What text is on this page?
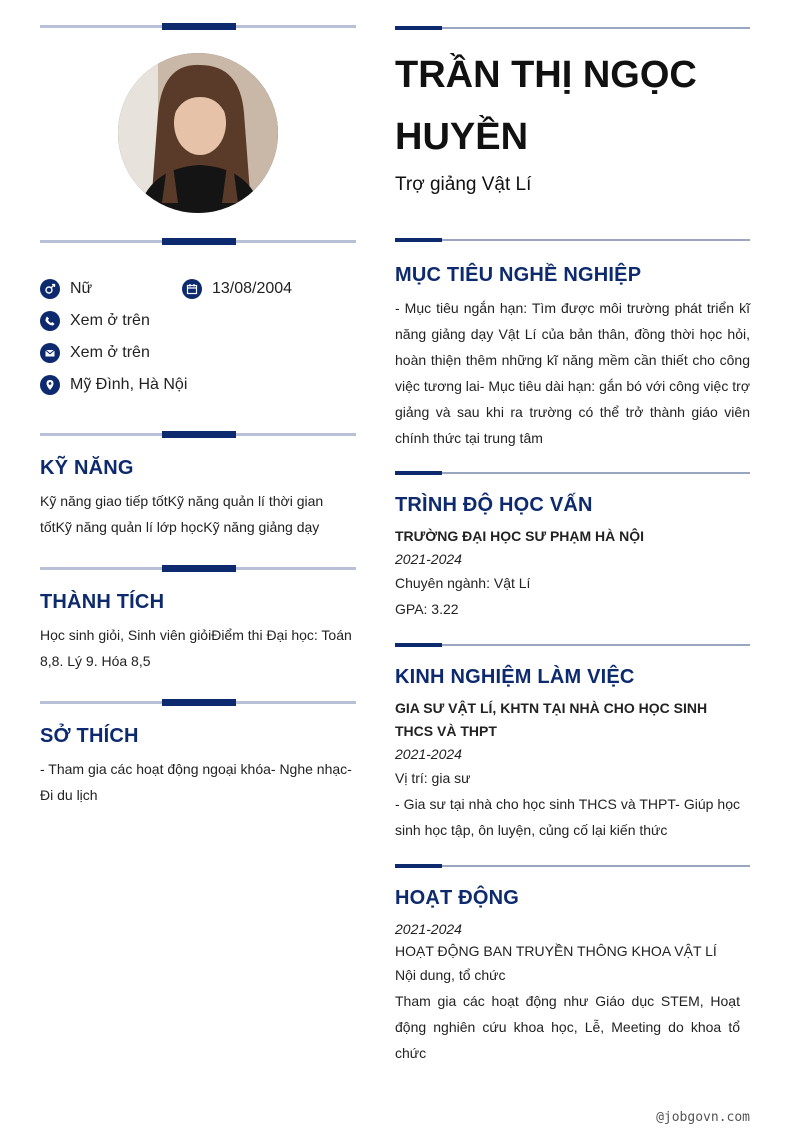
Nữ	13/08/2004
Xem ở trên
Xem ở trên
Mỹ Đình, Hà Nội
KỸ NĂNG
Kỹ năng giao tiếp tốtKỹ năng quản lí thời gian tốtKỹ năng quản lí lớp họcKỹ năng giảng dạy
THÀNH TÍCH
Học sinh giỏi, Sinh viên giỏiĐiểm thi Đại học: Toán 8,8. Lý 9. Hóa 8,5
SỞ THÍCH
- Tham gia các hoạt động ngoại khóa- Nghe nhạc- Đi du lịch
TRẦN THỊ NGỌC HUYỀN
Trợ giảng Vật Lí
MỤC TIÊU NGHỀ NGHIỆP
- Mục tiêu ngắn hạn: Tìm được môi trường phát triển kĩ năng giảng dạy Vật Lí của bản thân, đồng thời học hỏi, hoàn thiện thêm những kĩ năng mềm cần thiết cho công việc tương lai- Mục tiêu dài hạn: gắn bó với công việc trợ giảng và sau khi ra trường có thể trở thành giáo viên chính thức tại trung tâm
TRÌNH ĐỘ HỌC VẤN
TRƯỜNG ĐẠI HỌC SƯ PHẠM HÀ NỘI
2021-2024
Chuyên ngành: Vật Lí
GPA: 3.22
KINH NGHIỆM LÀM VIỆC
GIA SƯ VẬT LÍ, KHTN TẠI NHÀ CHO HỌC SINH THCS VÀ THPT
2021-2024
Vị trí: gia sư
- Gia sư tại nhà cho học sinh THCS và THPT- Giúp học sinh học tập, ôn luyện, củng cố lại kiến thức
HOẠT ĐỘNG
2021-2024
HOẠT ĐỘNG BAN TRUYỀN THÔNG KHOA VẬT LÍ
Nội dung, tổ chức
Tham gia các hoạt động như Giáo dục STEM, Hoạt động nghiên cứu khoa học, Lễ, Meeting do khoa tổ chức
@jobgovn.com
